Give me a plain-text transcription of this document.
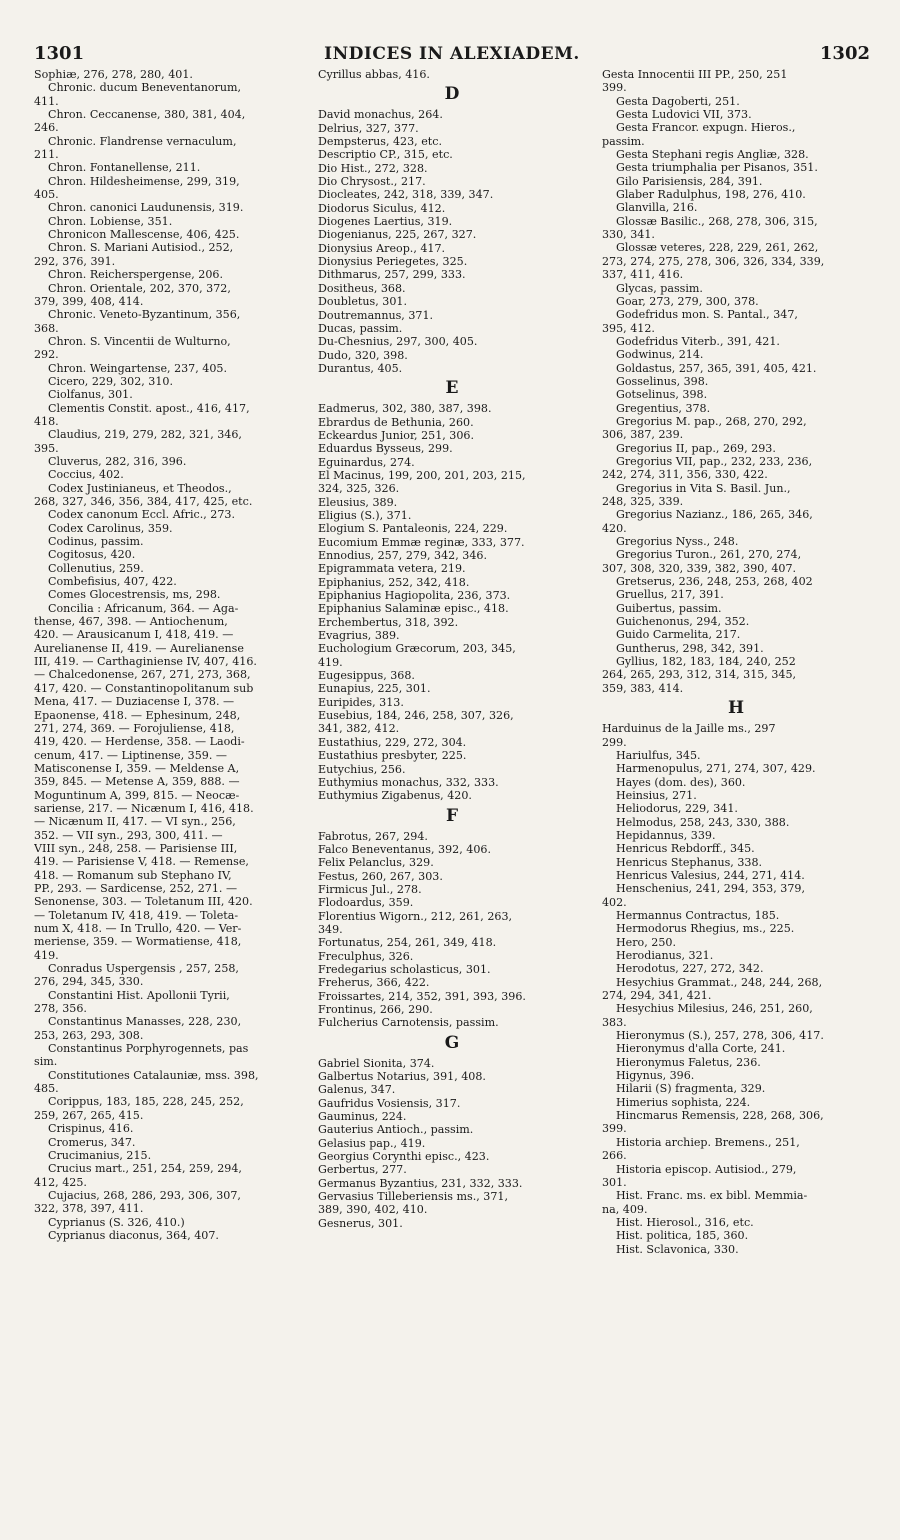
1301	INDICES IN ALEXIADEM.	1302
Sophiæ, 276, 278, 280, 401.
Chronic. ducum Beneventanorum,
411.
Chron. Ceccanense, 380, 381, 404,
246.
Chronic. Flandrense vernaculum,
211.
Chron. Fontanellense, 211.
Chron. Hildesheimense, 299, 319,
405.
Chron. canonici Laudunensis, 319.
Chron. Lobiense, 351.
Chronicon Mallescense, 406, 425.
Chron. S. Mariani Autisiod., 252,
292, 376, 391.
Chron. Reicherspergense, 206.
Chron. Orientale, 202, 370, 372,
379, 399, 408, 414.
Chronic. Veneto-Byzantinum, 356,
368.
Chron. S. Vincentii de Wulturno,
292.
Chron. Weingartense, 237, 405.
Cicero, 229, 302, 310.
Ciolfanus, 301.
Clementis Constit. apost., 416, 417,
418.
Claudius, 219, 279, 282, 321, 346,
395.
Cluverus, 282, 316, 396.
Coccius, 402.
Codex Justinianeus, et Theodos.,
268, 327, 346, 356, 384, 417, 425, etc.
Codex canonum Eccl. Afric., 273.
Codex Carolinus, 359.
Codinus, passim.
Cogitosus, 420.
Collenutius, 259.
Combefisius, 407, 422.
Comes Glocestrensis, ms, 298.
Concilia : Africanum, 364. — Aga-
thense, 467, 398. — Antiochenum,
420. — Arausicanum I, 418, 419. —
Aurelianense II, 419. — Aurelianense
III, 419. — Carthaginiense IV, 407, 416.
— Chalcedonense, 267, 271, 273, 368,
417, 420. — Constantinopolitanum sub
Mena, 417. — Duziacense I, 378. —
Epaonense, 418. — Ephesinum, 248,
271, 274, 369. — Forojuliense, 418,
419, 420. — Herdense, 358. — Laodi-
cenum, 417. — Liptinense, 359. —
Matisconense I, 359. — Meldense A,
359, 845. — Metense A, 359, 888. —
Moguntinum A, 399, 815. — Neocæ-
sariense, 217. — Nicænum I, 416, 418.
— Nicænum II, 417. — VI syn., 256,
352. — VII syn., 293, 300, 411. —
VIII syn., 248, 258. — Parisiense III,
419. — Parisiense V, 418. — Remense,
418. — Romanum sub Stephano IV,
PP., 293. — Sardicense, 252, 271. —
Senonense, 303. — Toletanum III, 420.
— Toletanum IV, 418, 419. — Toleta-
num X, 418. — In Trullo, 420. — Ver-
meriense, 359. — Wormatiense, 418,
419.
Conradus Uspergensis , 257, 258,
276, 294, 345, 330.
Constantini Hist. Apollonii Tyrii,
278, 356.
Constantinus Manasses, 228, 230,
253, 263, 293, 308.
Constantinus Porphyrogennets, pas
sim.
Constitutiones Catalauniæ, mss. 398,
485.
Corippus, 183, 185, 228, 245, 252,
259, 267, 265, 415.
Crispinus, 416.
Cromerus, 347.
Crucimanius, 215.
Crucius mart., 251, 254, 259, 294,
412, 425.
Cujacius, 268, 286, 293, 306, 307,
322, 378, 397, 411.
Cyprianus (S. 326, 410.)
Cyprianus diaconus, 364, 407.
Cyrillus abbas, 416.
D
David monachus, 264.
Delrius, 327, 377.
Dempsterus, 423, etc.
Descriptio CP., 315, etc.
Dio Hist., 272, 328.
Dio Chrysost., 217.
Diocleates, 242, 318, 339, 347.
Diodorus Siculus, 412.
Diogenes Laertius, 319.
Diogenianus, 225, 267, 327.
Dionysius Areop., 417.
Dionysius Periegetes, 325.
Dithmarus, 257, 299, 333.
Dositheus, 368.
Doubletus, 301.
Doutremannus, 371.
Ducas, passim.
Du-Chesnius, 297, 300, 405.
Dudo, 320, 398.
Durantus, 405.
E
Eadmerus, 302, 380, 387, 398.
Ebrardus de Bethunia, 260.
Eckeardus Junior, 251, 306.
Eduardus Bysseus, 299.
Eguinardus, 274.
El Macinus, 199, 200, 201, 203, 215,
324, 325, 326.
Eleusius, 389.
Eligius (S.), 371.
Elogium S. Pantaleonis, 224, 229.
Eucomium Emmæ reginæ, 333, 377.
Ennodius, 257, 279, 342, 346.
Epigrammata vetera, 219.
Epiphanius, 252, 342, 418.
Epiphanius Hagiopolita, 236, 373.
Epiphanius Salaminæ episc., 418.
Erchembertus, 318, 392.
Evagrius, 389.
Euchologium Græcorum, 203, 345,
419.
Eugesippus, 368.
Eunapius, 225, 301.
Euripides, 313.
Eusebius, 184, 246, 258, 307, 326,
341, 382, 412.
Eustathius, 229, 272, 304.
Eustathius presbyter, 225.
Eutychius, 256.
Euthymius monachus, 332, 333.
Euthymius Zigabenus, 420.
F
Fabrotus, 267, 294.
Falco Beneventanus, 392, 406.
Felix Pelanclus, 329.
Festus, 260, 267, 303.
Firmicus Jul., 278.
Flodoardus, 359.
Florentius Wigorn., 212, 261, 263,
349.
Fortunatus, 254, 261, 349, 418.
Freculphus, 326.
Fredegarius scholasticus, 301.
Freherus, 366, 422.
Froissartes, 214, 352, 391, 393, 396.
Frontinus, 266, 290.
Fulcherius Carnotensis, passim.
G
Gabriel Sionita, 374.
Galbertus Notarius, 391, 408.
Galenus, 347.
Gaufridus Vosiensis, 317.
Gauminus, 224.
Gauterius Antioch., passim.
Gelasius pap., 419.
Georgius Corynthi episc., 423.
Gerbertus, 277.
Germanus Byzantius, 231, 332, 333.
Gervasius Tilleberiensis ms., 371,
389, 390, 402, 410.
Gesnerus, 301.
Gesta Innocentii III PP., 250, 251
399.
Gesta Dagoberti, 251.
Gesta Ludovici VII, 373.
Gesta Francor. expugn. Hieros.,
passim.
Gesta Stephani regis Angliæ, 328.
Gesta triumphalia per Pisanos, 351.
Gilo Parisiensis, 284, 391.
Glaber Radulphus, 198, 276, 410.
Glanvilla, 216.
Glossæ Basilic., 268, 278, 306, 315,
330, 341.
Glossæ veteres, 228, 229, 261, 262,
273, 274, 275, 278, 306, 326, 334, 339,
337, 411, 416.
Glycas, passim.
Goar, 273, 279, 300, 378.
Godefridus mon. S. Pantal., 347,
395, 412.
Godefridus Viterb., 391, 421.
Godwinus, 214.
Goldastus, 257, 365, 391, 405, 421.
Gosselinus, 398.
Gotselinus, 398.
Gregentius, 378.
Gregorius M. pap., 268, 270, 292,
306, 387, 239.
Gregorius II, pap., 269, 293.
Gregorius VII, pap., 232, 233, 236,
242, 274, 311, 356, 330, 422.
Gregorius in Vita S. Basil. Jun.,
248, 325, 339.
Gregorius Nazianz., 186, 265, 346,
420.
Gregorius Nyss., 248.
Gregorius Turon., 261, 270, 274,
307, 308, 320, 339, 382, 390, 407.
Gretserus, 236, 248, 253, 268, 402
Gruellus, 217, 391.
Guibertus, passim.
Guichenonus, 294, 352.
Guido Carmelita, 217.
Guntherus, 298, 342, 391.
Gyllius, 182, 183, 184, 240, 252
264, 265, 293, 312, 314, 315, 345,
359, 383, 414.
H
Harduinus de la Jaille ms., 297
299.
Hariulfus, 345.
Harmenopulus, 271, 274, 307, 429.
Hayes (dom. des), 360.
Heinsius, 271.
Heliodorus, 229, 341.
Helmodus, 258, 243, 330, 388.
Hepidannus, 339.
Henricus Rebdorff., 345.
Henricus Stephanus, 338.
Henricus Valesius, 244, 271, 414.
Henschenius, 241, 294, 353, 379,
402.
Hermannus Contractus, 185.
Hermodorus Rhegius, ms., 225.
Hero, 250.
Herodianus, 321.
Herodotus, 227, 272, 342.
Hesychius Grammat., 248, 244, 268,
274, 294, 341, 421.
Hesychius Milesius, 246, 251, 260,
383.
Hieronymus (S.), 257, 278, 306, 417.
Hieronymus d'alla Corte, 241.
Hieronymus Faletus, 236.
Higynus, 396.
Hilarii (S) fragmenta, 329.
Himerius sophista, 224.
Hincmarus Remensis, 228, 268, 306,
399.
Historia archiep. Bremens., 251,
266.
Historia episcop. Autisiod., 279,
301.
Hist. Franc. ms. ex bibl. Memmia-
na, 409.
Hist. Hierosol., 316, etc.
Hist. politica, 185, 360.
Hist. Sclavonica, 330.
